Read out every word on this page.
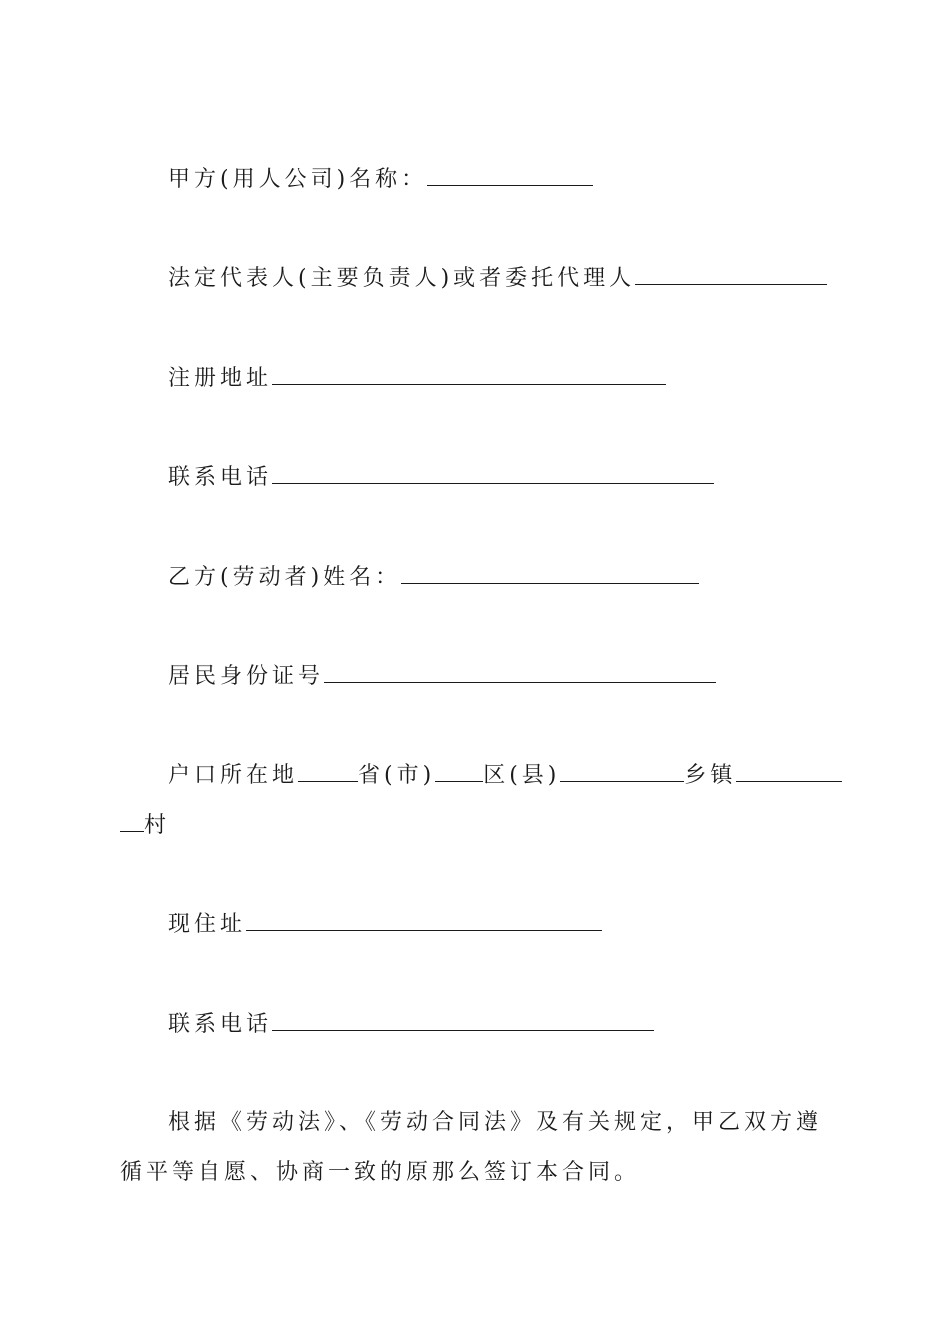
甲方(用人公司)名称：
法定代表人(主要负责人)或者委托代理人
注册地址
联系电话
乙方(劳动者)姓名：
居民身份证号
户口所在地	省(市) 区(县)	乡镇
村
现住址
联系电话
根据《劳动法》、《劳动合同法》及有关规定，甲乙双方遵循平等自愿、协商一致的原那么签订本合同。
